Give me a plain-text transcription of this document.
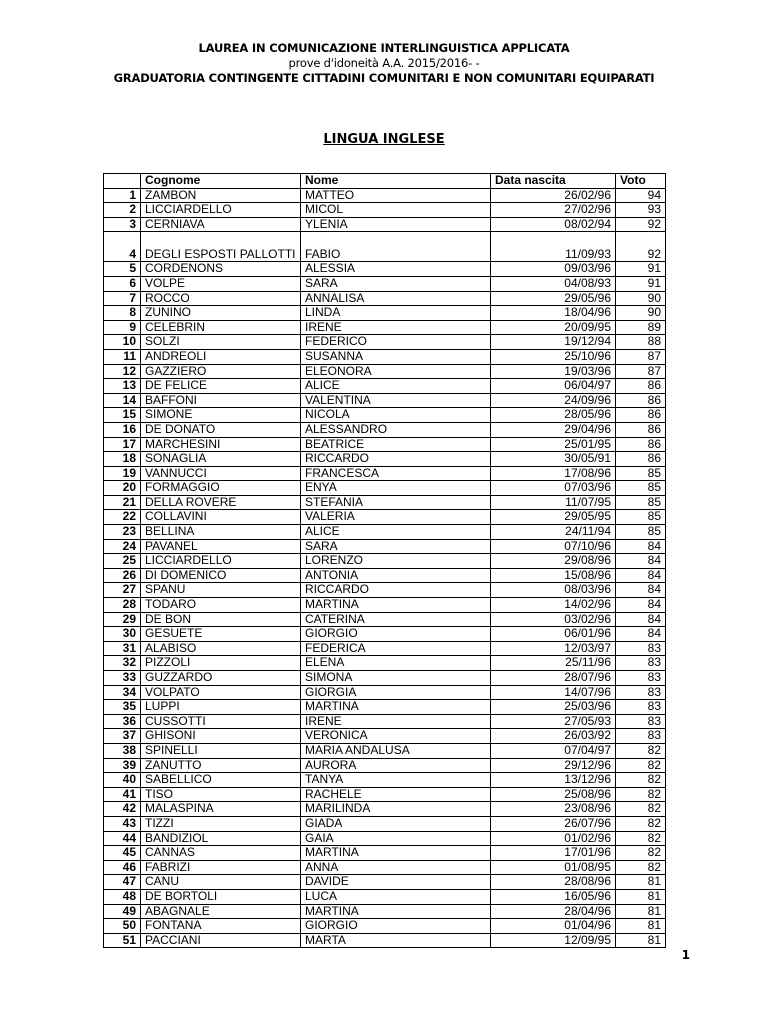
LAUREA IN COMUNICAZIONE INTERLINGUISTICA APPLICATA
prove d'idoneità A.A. 2015/2016- -
GRADUATORIA CONTINGENTE CITTADINI COMUNITARI E NON COMUNITARI EQUIPARATI
LINGUA INGLESE
	Cognome	Nome	Data nascita	Voto
1	ZAMBON	MATTEO	26/02/96	94
2	LICCIARDELLO	MICOL	27/02/96	93
3	CERNIAVA	YLENIA	08/02/94	92
4	DEGLI ESPOSTI PALLOTTI	FABIO	11/09/93	92
5	CORDENONS	ALESSIA	09/03/96	91
6	VOLPE	SARA	04/08/93	91
7	ROCCO	ANNALISA	29/05/96	90
8	ZUNINO	LINDA	18/04/96	90
9	CELEBRIN	IRENE	20/09/95	89
10	SOLZI	FEDERICO	19/12/94	88
11	ANDREOLI	SUSANNA	25/10/96	87
12	GAZZIERO	ELEONORA	19/03/96	87
13	DE FELICE	ALICE	06/04/97	86
14	BAFFONI	VALENTINA	24/09/96	86
15	SIMONE	NICOLA	28/05/96	86
16	DE DONATO	ALESSANDRO	29/04/96	86
17	MARCHESINI	BEATRICE	25/01/95	86
18	SONAGLIA	RICCARDO	30/05/91	86
19	VANNUCCI	FRANCESCA	17/08/96	85
20	FORMAGGIO	ENYA	07/03/96	85
21	DELLA ROVERE	STEFANIA	11/07/95	85
22	COLLAVINI	VALERIA	29/05/95	85
23	BELLINA	ALICE	24/11/94	85
24	PAVANEL	SARA	07/10/96	84
25	LICCIARDELLO	LORENZO	29/08/96	84
26	DI DOMENICO	ANTONIA	15/08/96	84
27	SPANU	RICCARDO	08/03/96	84
28	TODARO	MARTINA	14/02/96	84
29	DE BON	CATERINA	03/02/96	84
30	GESUETE	GIORGIO	06/01/96	84
31	ALABISO	FEDERICA	12/03/97	83
32	PIZZOLI	ELENA	25/11/96	83
33	GUZZARDO	SIMONA	28/07/96	83
34	VOLPATO	GIORGIA	14/07/96	83
35	LUPPI	MARTINA	25/03/96	83
36	CUSSOTTI	IRENE	27/05/93	83
37	GHISONI	VERONICA	26/03/92	83
38	SPINELLI	MARIA ANDALUSA	07/04/97	82
39	ZANUTTO	AURORA	29/12/96	82
40	SABELLICO	TANYA	13/12/96	82
41	TISO	RACHELE	25/08/96	82
42	MALASPINA	MARILINDA	23/08/96	82
43	TIZZI	GIADA	26/07/96	82
44	BANDIZIOL	GAIA	01/02/96	82
45	CANNAS	MARTINA	17/01/96	82
46	FABRIZI	ANNA	01/08/95	82
47	CANU	DAVIDE	28/08/96	81
48	DE BORTOLI	LUCA	16/05/96	81
49	ABAGNALE	MARTINA	28/04/96	81
50	FONTANA	GIORGIO	01/04/96	81
51	PACCIANI	MARTA	12/09/95	81
1
